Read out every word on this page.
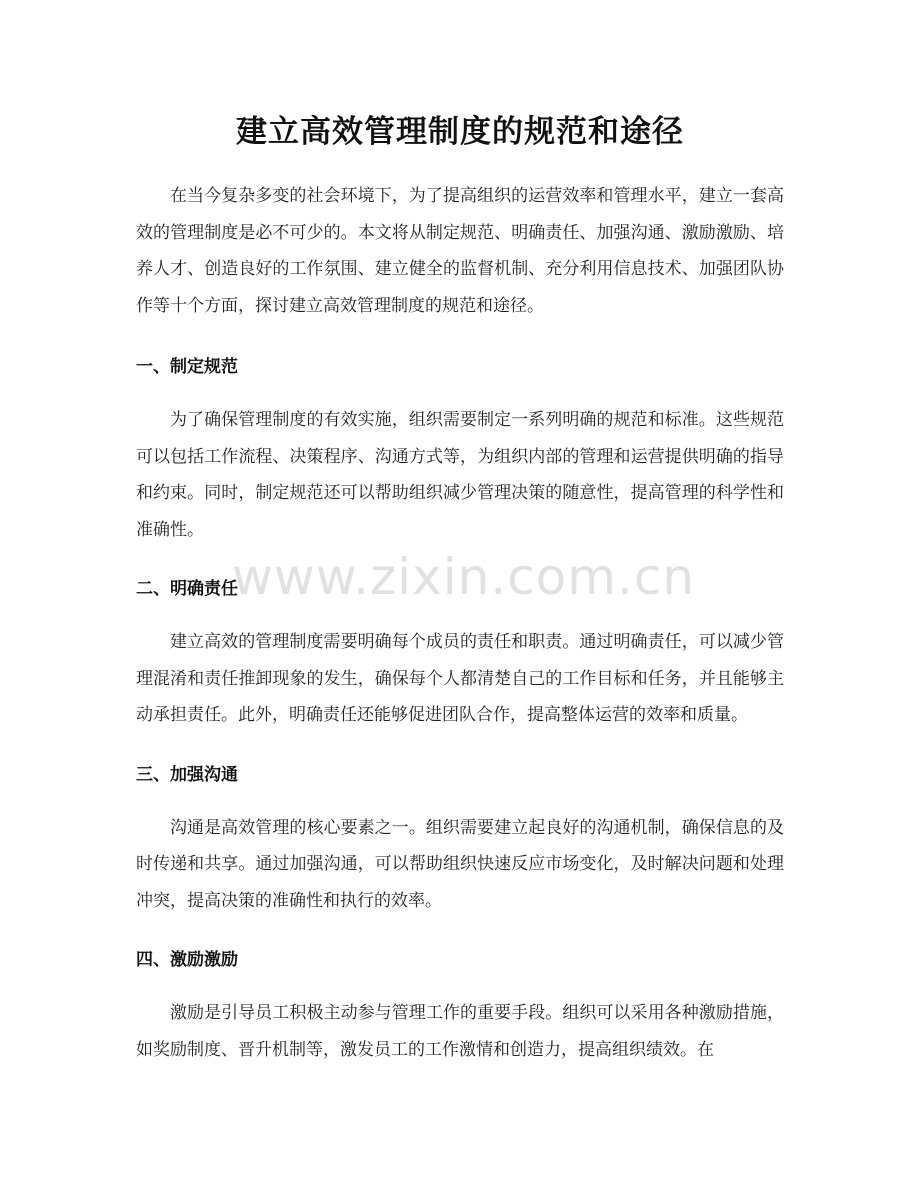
建立高效管理制度的规范和途径

在当今复杂多变的社会环境下，为了提高组织的运营效率和管理水平，建立一套高效的管理制度是必不可少的。本文将从制定规范、明确责任、加强沟通、激励激励、培养人才、创造良好的工作氛围、建立健全的监督机制、充分利用信息技术、加强团队协作等十个方面，探讨建立高效管理制度的规范和途径。

一、制定规范

为了确保管理制度的有效实施，组织需要制定一系列明确的规范和标准。这些规范可以包括工作流程、决策程序、沟通方式等，为组织内部的管理和运营提供明确的指导和约束。同时，制定规范还可以帮助组织减少管理决策的随意性，提高管理的科学性和准确性。

二、明确责任

建立高效的管理制度需要明确每个成员的责任和职责。通过明确责任，可以减少管理混淆和责任推卸现象的发生，确保每个人都清楚自己的工作目标和任务，并且能够主动承担责任。此外，明确责任还能够促进团队合作，提高整体运营的效率和质量。

三、加强沟通

沟通是高效管理的核心要素之一。组织需要建立起良好的沟通机制，确保信息的及时传递和共享。通过加强沟通，可以帮助组织快速反应市场变化，及时解决问题和处理冲突，提高决策的准确性和执行的效率。

四、激励激励

激励是引导员工积极主动参与管理工作的重要手段。组织可以采用各种激励措施，如奖励制度、晋升机制等，激发员工的工作激情和创造力，提高组织绩效。在

www.zixin.com.cn
